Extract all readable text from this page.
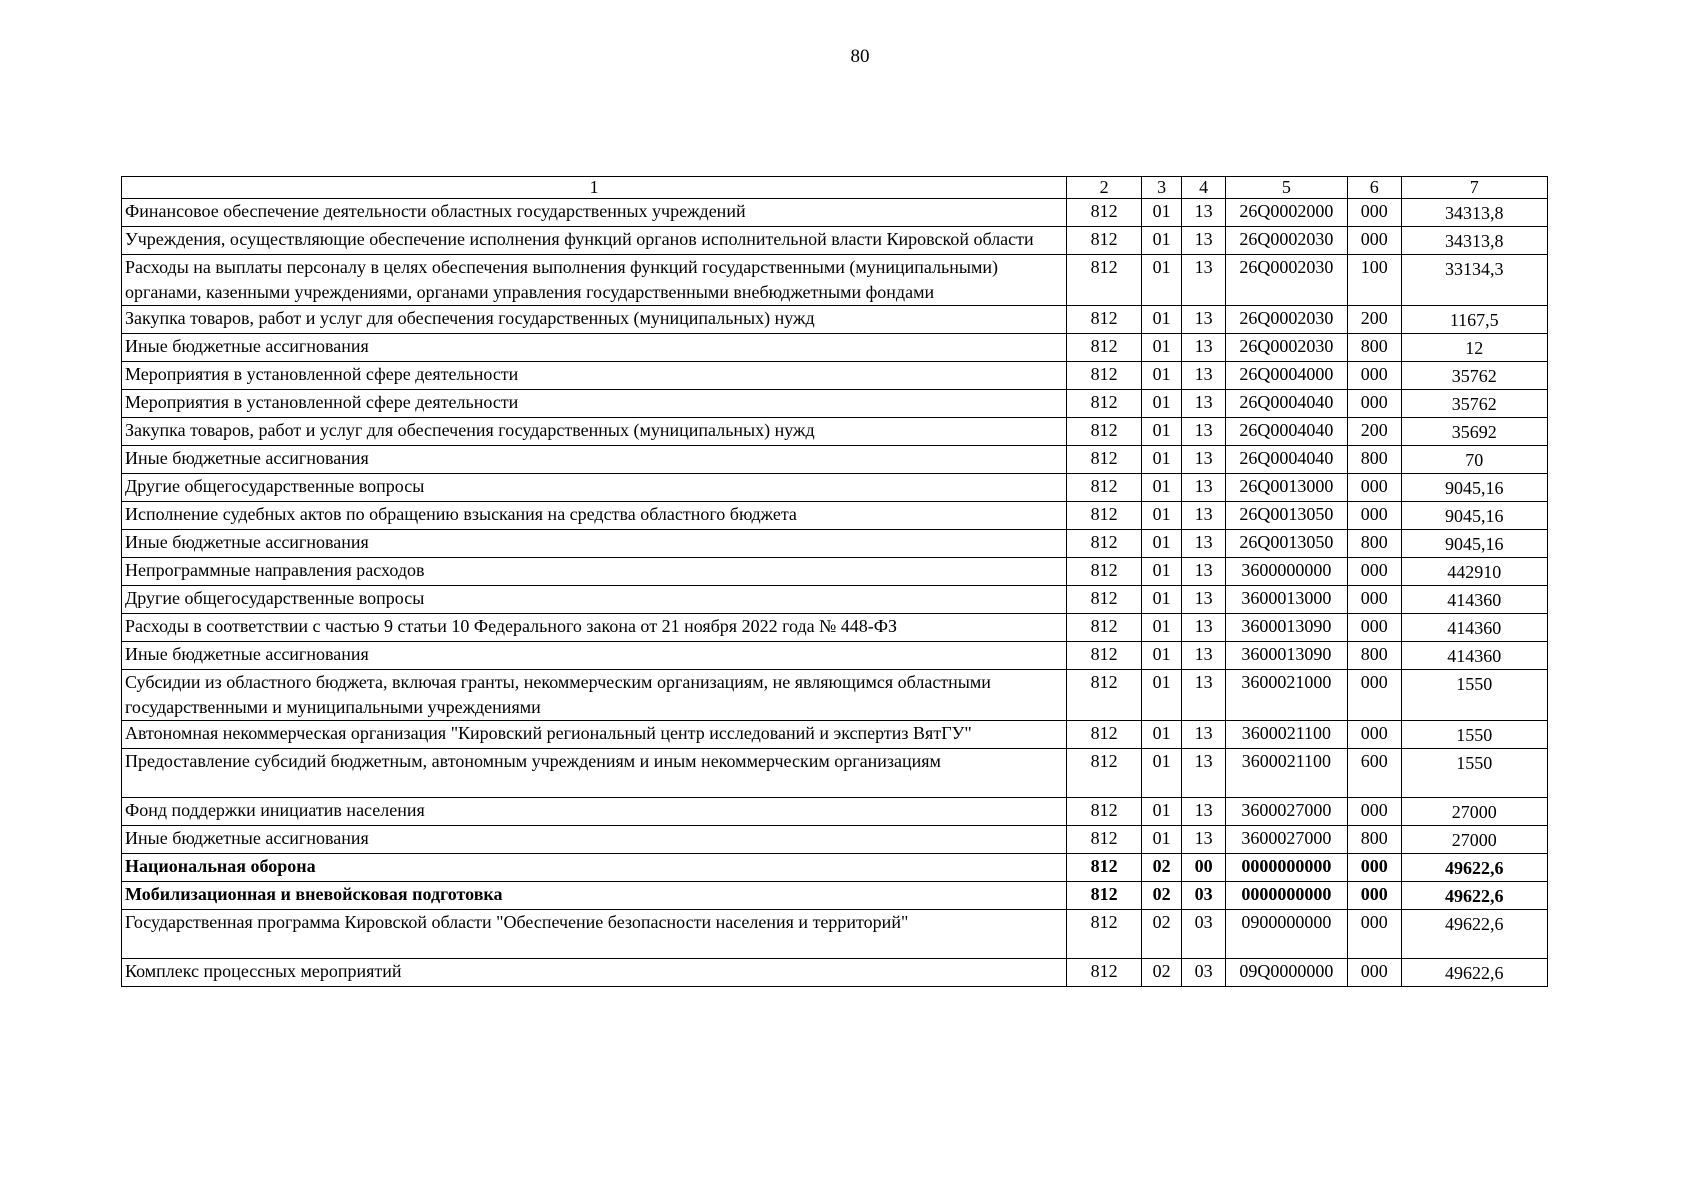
80
1	2	3	4	5	6	7
Финансовое обеспечение деятельности областных государственных учреждений	812	01	13	26Q0002000	000	34313,8
Учреждения, осуществляющие обеспечение исполнения функций органов исполнительной власти Кировской области	812	01	13	26Q0002030	000	34313,8
Расходы на выплаты персоналу в целях обеспечения выполнения функций государственными (муниципальными) органами, казенными учреждениями, органами управления государственными внебюджетными фондами	812	01	13	26Q0002030	100	33134,3
Закупка товаров, работ и услуг для обеспечения государственных (муниципальных) нужд	812	01	13	26Q0002030	200	1167,5
Иные бюджетные ассигнования	812	01	13	26Q0002030	800	12
Мероприятия в установленной сфере деятельности	812	01	13	26Q0004000	000	35762
Мероприятия в установленной сфере деятельности	812	01	13	26Q0004040	000	35762
Закупка товаров, работ и услуг для обеспечения государственных (муниципальных) нужд	812	01	13	26Q0004040	200	35692
Иные бюджетные ассигнования	812	01	13	26Q0004040	800	70
Другие общегосударственные вопросы	812	01	13	26Q0013000	000	9045,16
Исполнение судебных актов по обращению взыскания на средства областного бюджета	812	01	13	26Q0013050	000	9045,16
Иные бюджетные ассигнования	812	01	13	26Q0013050	800	9045,16
Непрограммные направления расходов	812	01	13	3600000000	000	442910
Другие общегосударственные вопросы	812	01	13	3600013000	000	414360
Расходы в соответствии с частью 9 статьи 10 Федерального закона от 21 ноября 2022 года № 448-ФЗ	812	01	13	3600013090	000	414360
Иные бюджетные ассигнования	812	01	13	3600013090	800	414360
Субсидии из областного бюджета, включая гранты, некоммерческим организациям, не являющимся областными государственными и муниципальными учреждениями	812	01	13	3600021000	000	1550
Автономная некоммерческая организация "Кировский региональный центр исследований и экспертиз ВятГУ"	812	01	13	3600021100	000	1550
Предоставление субсидий бюджетным, автономным учреждениям и иным некоммерческим организациям	812	01	13	3600021100	600	1550
Фонд поддержки инициатив населения	812	01	13	3600027000	000	27000
Иные бюджетные ассигнования	812	01	13	3600027000	800	27000
Национальная оборона	812	02	00	0000000000	000	49622,6
Мобилизационная и вневойсковая подготовка	812	02	03	0000000000	000	49622,6
Государственная программа Кировской области "Обеспечение безопасности населения и территорий"	812	02	03	0900000000	000	49622,6
Комплекс процессных мероприятий	812	02	03	09Q0000000	000	49622,6
